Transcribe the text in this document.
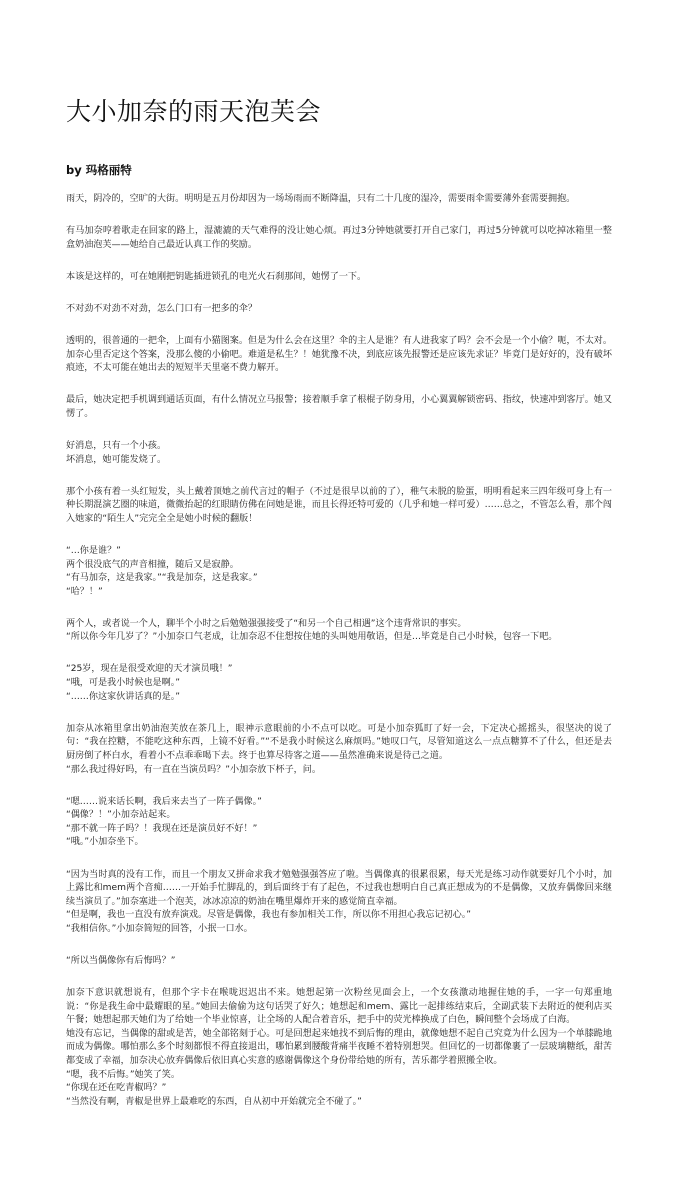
大小加奈的雨天泡芙会
by 玛格丽特

雨天，阴冷的，空旷的大街。明明是五月份却因为一场场雨而不断降温，只有二十几度的湿冷，需要雨伞需要薄外套需要拥抱。

有马加奈哼着歌走在回家的路上，湿漉漉的天气难得的没让她心烦。再过3分钟她就要打开自己家门，再过5分钟就可以吃掉冰箱里一整盒奶油泡芙——她给自己最近认真工作的奖励。

本该是这样的，可在她刚把钥匙插进锁孔的电光火石刹那间，她愣了一下。

不对劲不对劲不对劲，怎么门口有一把多的伞？

透明的，很普通的一把伞，上面有小猫图案。但是为什么会在这里？伞的主人是谁？有人进我家了吗？会不会是一个小偷？呃，不太对。加奈心里否定这个答案，没那么傻的小偷吧。难道是私生？！她犹豫不决，到底应该先报警还是应该先求证？毕竟门是好好的，没有破坏痕迹，不太可能在她出去的短短半天里毫不费力解开。

最后，她决定把手机调到通话页面，有什么情况立马报警；接着顺手拿了根棍子防身用，小心翼翼解锁密码、指纹，快速冲到客厅。她又愣了。

好消息，只有一个小孩。
坏消息，她可能发烧了。

那个小孩有着一头红短发，头上戴着顶她之前代言过的帽子（不过是很早以前的了），稚气未脱的脸蛋，明明看起来三四年级可身上有一种长期混演艺圈的味道，微微抬起的红眼睛仿佛在问她是谁，而且长得还特可爱的（几乎和她一样可爱）……总之，不管怎么看，那个闯入她家的“陌生人”完完全全是她小时候的翻版！

“…你是谁？”
两个很没底气的声音相撞，随后又是寂静。
“有马加奈，这是我家。”“我是加奈，这是我家。”
“哈？！”

两个人，或者说一个人，聊半个小时之后勉勉强强接受了“和另一个自己相遇”这个违背常识的事实。
“所以你今年几岁了？”小加奈口气老成，让加奈忍不住想按住她的头叫她用敬语，但是…毕竟是自己小时候，包容一下吧。

“25岁，现在是很受欢迎的天才演员哦！”
“哦，可是我小时候也是啊。”
“……你这家伙讲话真的是。”

加奈从冰箱里拿出奶油泡芙放在茶几上，眼神示意眼前的小不点可以吃。可是小加奈狐盯了好一会，下定决心摇摇头，很坚决的说了句：“我在控糖，不能吃这种东西，上镜不好看。”“不是我小时候这么麻烦吗。”她叹口气，尽管知道这么一点点糖算不了什么，但还是去厨房倒了杯白水，看着小不点乖乖喝下去。终于也算尽待客之道——虽然准确来说是待己之道。
“那么我过得好吗，有一直在当演员吗？”小加奈放下杯子，问。

“嗯……说来话长啊，我后来去当了一阵子偶像。”
“偶像？！”小加奈站起来。
“那不就一阵子吗？！我现在还是演员好不好！”
“哦。”小加奈坐下。

“因为当时真的没有工作，而且一个朋友又拼命求我才勉勉强强答应了啦。当偶像真的很累很累，每天光是练习动作就要好几个小时，加上露比和mem两个音痴……一开始手忙脚乱的，到后面终于有了起色，不过我也想明白自己真正想成为的不是偶像，又放弃偶像回来继续当演员了。”加奈塞进一个泡芙，冰冰凉凉的奶油在嘴里爆炸开来的感觉简直幸福。
“但是啊，我也一直没有放弃演戏。尽管是偶像，我也有参加相关工作，所以你不用担心我忘记初心。”
“我相信你。”小加奈简短的回答，小抿一口水。

“所以当偶像你有后悔吗？”

加奈下意识就想说有，但那个字卡在喉咙迟迟出不来。她想起第一次粉丝见面会上，一个女孩激动地握住她的手，一字一句郑重地说：“你是我生命中最耀眼的星。”她回去偷偷为这句话哭了好久；她想起和mem、露比一起排练结束后，全副武装下去附近的便利店买午餐；她想起那天她们为了给她一个毕业惊喜，让全场的人配合着音乐，把手中的荧光棒换成了白色，瞬间整个会场成了白海。
她没有忘记，当偶像的甜或是苦，她全部铭刻于心。可是回想起来她找不到后悔的理由，就像她想不起自己究竟为什么因为一个单膝跪地而成为偶像。哪怕那么多个时刻都恨不得直接退出，哪怕累到腰酸背痛半夜睡不着特别想哭。但回忆的一切都像裹了一层玻璃糖纸，甜苦都变成了幸福，加奈决心放弃偶像后依旧真心实意的感谢偶像这个身份带给她的所有，苦乐都学着照搬全收。
“嗯，我不后悔。”她笑了笑。
“你现在还在吃青椒吗？”
“当然没有啊，青椒是世界上最难吃的东西，自从初中开始就完全不碰了。”
